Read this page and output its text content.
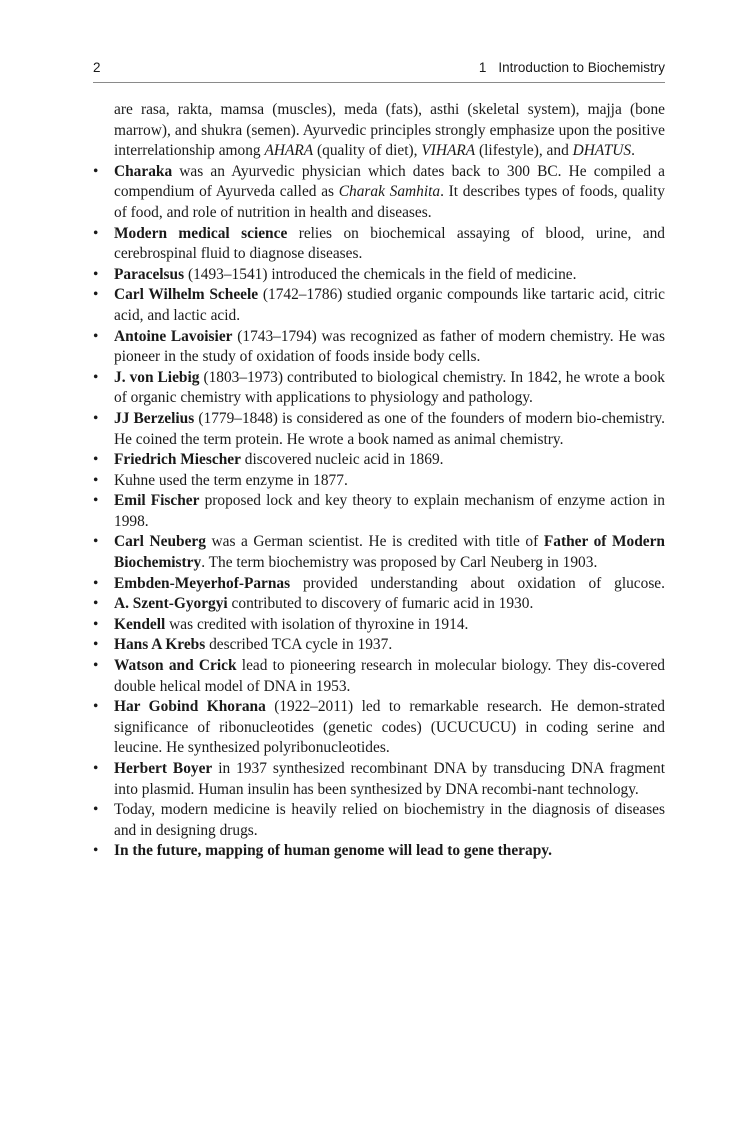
2	1 Introduction to Biochemistry

are rasa, rakta, mamsa (muscles), meda (fats), asthi (skeletal system), majja (bone marrow), and shukra (semen). Ayurvedic principles strongly emphasize upon the positive interrelationship among AHARA (quality of diet), VIHARA (lifestyle), and DHATUS.

• Charaka was an Ayurvedic physician which dates back to 300 BC. He compiled a compendium of Ayurveda called as Charak Samhita. It describes types of foods, quality of food, and role of nutrition in health and diseases.
• Modern medical science relies on biochemical assaying of blood, urine, and cerebrospinal fluid to diagnose diseases.
• Paracelsus (1493–1541) introduced the chemicals in the field of medicine.
• Carl Wilhelm Scheele (1742–1786) studied organic compounds like tartaric acid, citric acid, and lactic acid.
• Antoine Lavoisier (1743–1794) was recognized as father of modern chemistry. He was pioneer in the study of oxidation of foods inside body cells.
• J. von Liebig (1803–1973) contributed to biological chemistry. In 1842, he wrote a book of organic chemistry with applications to physiology and pathology.
• JJ Berzelius (1779–1848) is considered as one of the founders of modern bio-chemistry. He coined the term protein. He wrote a book named as animal chemistry.
• Friedrich Miescher discovered nucleic acid in 1869.
• Kuhne used the term enzyme in 1877.
• Emil Fischer proposed lock and key theory to explain mechanism of enzyme action in 1998.
• Carl Neuberg was a German scientist. He is credited with title of Father of Modern Biochemistry. The term biochemistry was proposed by Carl Neuberg in 1903.
• Embden-Meyerhof-Parnas provided understanding about oxidation of glucose.
• A. Szent-Gyorgyi contributed to discovery of fumaric acid in 1930.
• Kendell was credited with isolation of thyroxine in 1914.
• Hans A Krebs described TCA cycle in 1937.
• Watson and Crick lead to pioneering research in molecular biology. They dis-covered double helical model of DNA in 1953.
• Har Gobind Khorana (1922–2011) led to remarkable research. He demon-strated significance of ribonucleotides (genetic codes) (UCUCUCU) in coding serine and leucine. He synthesized polyribonucleotides.
• Herbert Boyer in 1937 synthesized recombinant DNA by transducing DNA fragment into plasmid. Human insulin has been synthesized by DNA recombi-nant technology.
• Today, modern medicine is heavily relied on biochemistry in the diagnosis of diseases and in designing drugs.
• In the future, mapping of human genome will lead to gene therapy.
